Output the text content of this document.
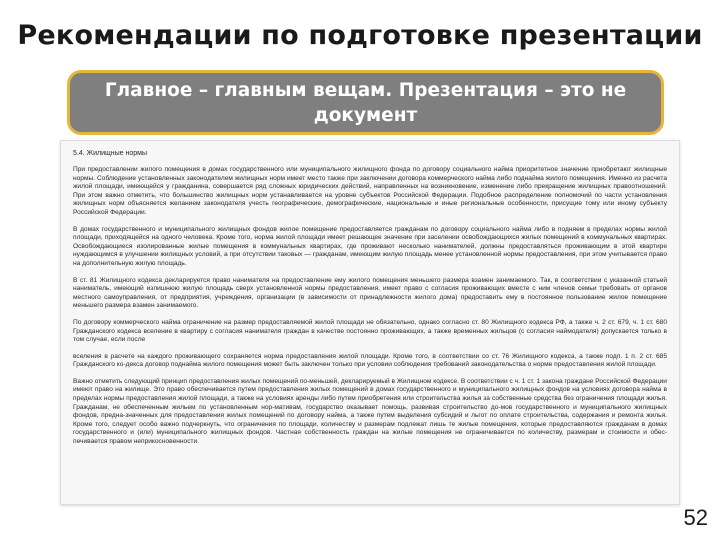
Рекомендации по подготовке презентации
Главное – главным вещам. Презентация – это не документ

5.4. Жилищные нормы

При предоставлении жилого помещения в домах государственного или муниципального жилищного фонда по договору социального найма приоритетное значение приобретают жилищные нормы. Соблюдение установленных законодателем жилищных норм имеет место также при заключении договора коммерческого найма либо поднайма жилого помещения. Именно из расчета жилой площади, имеющейся у гражданина, совершается ряд сложных юридических действий, направленных на возникновение, изменение либо прекращение жилищных правоотношений. При этом важно отметить, что большинство жилищных норм устанавливается на уровне субъектов Российской Федерации. Подобное распределение полномочий по части установления жилищных норм объясняется желанием законодателя учесть географические, демографические, национальные и иные региональные особенности, присущие тому или иному субъекту Российской Федерации.

В домах государственного и муниципального жилищных фондов жилое помещение предоставляется гражданам по договору социального найма либо в подняем в пределах нормы жилой площади, приходящейся на одного человека. Кроме того, норма жилой площади имеет решающее значение при заселении освобождающихся жилых помещений в коммунальных квартирах. Освобождающиеся изолированные жилые помещения в коммунальных квартирах, где проживают несколько нанимателей, должны предоставляться проживающим в этой квартире нуждающимся в улучшении жилищных условий, а при отсутствии таковых — гражданам, имеющим жилую площадь менее установленной нормы предоставления, при этом учитывается право на дополнительную жилую площадь.

В ст. 81 Жилищного кодекса декларируется право нанимателя на предоставление ему жилого помещения меньшего размера взамен занимаемого. Так, в соответствии с указанной статьей наниматель, имеющий излишнюю жилую площадь сверх установленной нормы предоставления, имеет право с согласия проживающих вместе с ним членов семьи требовать от органов местного самоуправления, от предприятия, учреждения, организации (в зависимости от принадлежности жилого дома) предоставить ему в постоянное пользование жилое помещение меньшего размера взамен занимаемого.

По договору коммерческого найма ограничение на размер предоставляемой жилой площади не обязательно, однако согласно ст. 80 Жилищного кодекса РФ, а также ч. 2 ст. 679, ч. 1 ст. 680 Гражданского кодекса вселение в квартиру с согласия нанимателя граждан в качестве постоянно проживающих, а также временных жильцов (с согласия наймодателя) допускается только в том случае, если после

вселения в расчете на каждого проживающего сохраняется норма предоставления жилой площади. Кроме того, в соответствии со ст. 76 Жилищного кодекса, а также подп. 1 п. 2 ст. 685 Гражданского ко-декса договор поднайма жилого помещения может быть заключен только при условии соблюдения требований законодательства о норме предоставления жилой площади.

Важно отметить следующий принцип предоставления жилых помещений по-меньшей, декларируемый в Жилищном кодексе. В соответствии с ч. 1 ст. 1 закона граждане Российской Федерации имеют право на жилище. Это право обеспечивается путем предоставления жилых помещений в домах государственного и муниципального жилищных фондов на условиях договора найма в пределах нормы предоставления жилой площади, а также на условиях аренды либо путем приобретения или строительства жилья за собственные средства без ограничения площади жилья. Гражданам, не обеспеченным жильем по установленным нор-мативам, государство оказывает помощь, развивая строительство до-мов государственного и муниципального жилищных фондов, предна-значенных для предоставления жилых помещений по договору найма, а также путем выделения субсидий и льгот по оплате строительства, содержания и ремонта жилья. Кроме того, следует особо важно подчеркнуть, что ограничения по площади, количеству и размерам подлежат лишь те жилые помещения, которые предоставляются гражданам в домах государственного и (или) муниципального жилищных фондов. Частная собственность граждан на жилые помещения не ограничивается по количеству, размерам и стоимости и обес-печивается правом неприкосновенности.

52
